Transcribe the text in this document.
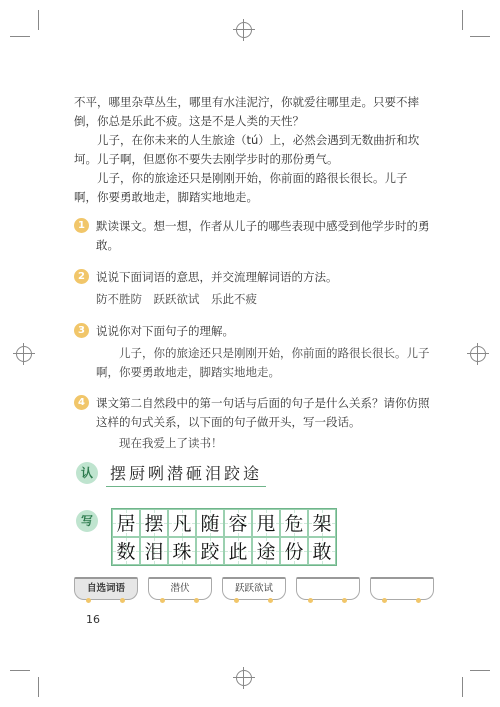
不平，哪里杂草丛生，哪里有水洼泥泞，你就爱往哪里走。只要不摔倒，你总是乐此不疲。这是不是人类的天性？

儿子，在你未来的人生旅途（tú）上，必然会遇到无数曲折和坎坷。儿子啊，但愿你不要失去刚学步时的那份勇气。

儿子，你的旅途还只是刚刚开始，你前面的路很长很长。儿子啊，你要勇敢地走，脚踏实地地走。

1 默读课文。想一想，作者从儿子的哪些表现中感受到他学步时的勇敢。
2 说说下面词语的意思，并交流理解词语的方法。
防不胜防　跃跃欲试　乐此不疲
3 说说你对下面句子的理解。
儿子，你的旅途还只是刚刚开始，你前面的路很长很长。儿子啊，你要勇敢地走，脚踏实地地走。
4 课文第二自然段中的第一句话与后面的句子是什么关系？请你仿照这样的句式关系，以下面的句子做开头，写一段话。
现在我爱上了读书！
认	摆厨咧潜砸泪跤途
写 居 摆 凡 随 容 甩 危 架
数 泪 珠 跤 此 途 份 敢
自选词语	潜伏	跃跃欲试
16
